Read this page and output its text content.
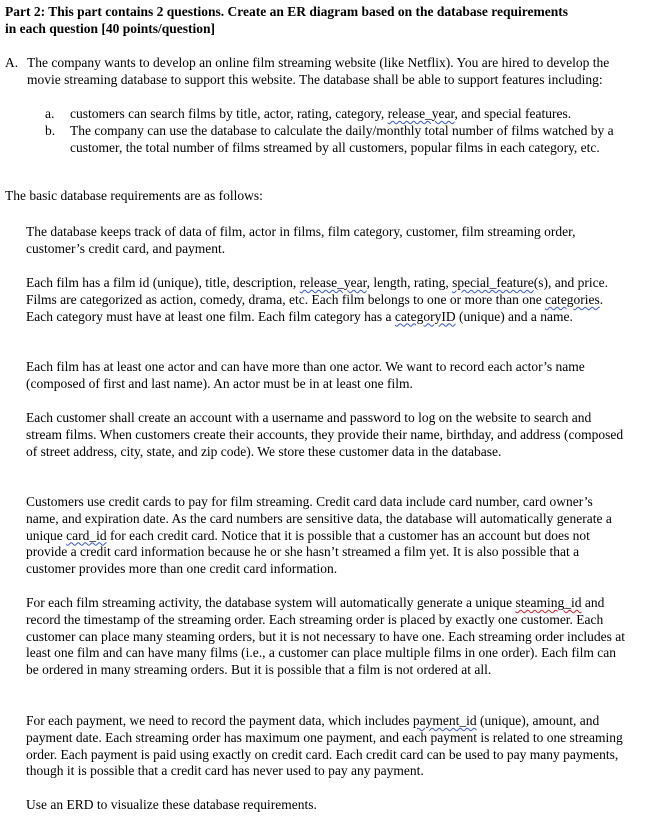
Part 2: This part contains 2 questions. Create an ER diagram based on the database requirements
in each question [40 points/question]
A. The company wants to develop an online film streaming website (like Netflix). You are hired to develop the movie streaming database to support this website. The database shall be able to support features including:
a. customers can search films by title, actor, rating, category, release_year, and special features.
b. The company can use the database to calculate the daily/monthly total number of films watched by a customer, the total number of films streamed by all customers, popular films in each category, etc.
The basic database requirements are as follows:
The database keeps track of data of film, actor in films, film category, customer, film streaming order, customer’s credit card, and payment.
Each film has a film id (unique), title, description, release_year, length, rating, special_feature(s), and price. Films are categorized as action, comedy, drama, etc. Each film belongs to one or more than one categories. Each category must have at least one film. Each film category has a categoryID (unique) and a name.
Each film has at least one actor and can have more than one actor. We want to record each actor’s name (composed of first and last name). An actor must be in at least one film.
Each customer shall create an account with a username and password to log on the website to search and stream films. When customers create their accounts, they provide their name, birthday, and address (composed of street address, city, state, and zip code). We store these customer data in the database.
Customers use credit cards to pay for film streaming. Credit card data include card number, card owner’s name, and expiration date. As the card numbers are sensitive data, the database will automatically generate a unique card_id for each credit card. Notice that it is possible that a customer has an account but does not provide a credit card information because he or she hasn’t streamed a film yet. It is also possible that a customer provides more than one credit card information.
For each film streaming activity, the database system will automatically generate a unique steaming_id and record the timestamp of the streaming order. Each streaming order is placed by exactly one customer. Each customer can place many steaming orders, but it is not necessary to have one. Each streaming order includes at least one film and can have many films (i.e., a customer can place multiple films in one order). Each film can be ordered in many streaming orders. But it is possible that a film is not ordered at all.
For each payment, we need to record the payment data, which includes payment_id (unique), amount, and payment date. Each streaming order has maximum one payment, and each payment is related to one streaming order. Each payment is paid using exactly on credit card. Each credit card can be used to pay many payments, though it is possible that a credit card has never used to pay any payment.
Use an ERD to visualize these database requirements.
